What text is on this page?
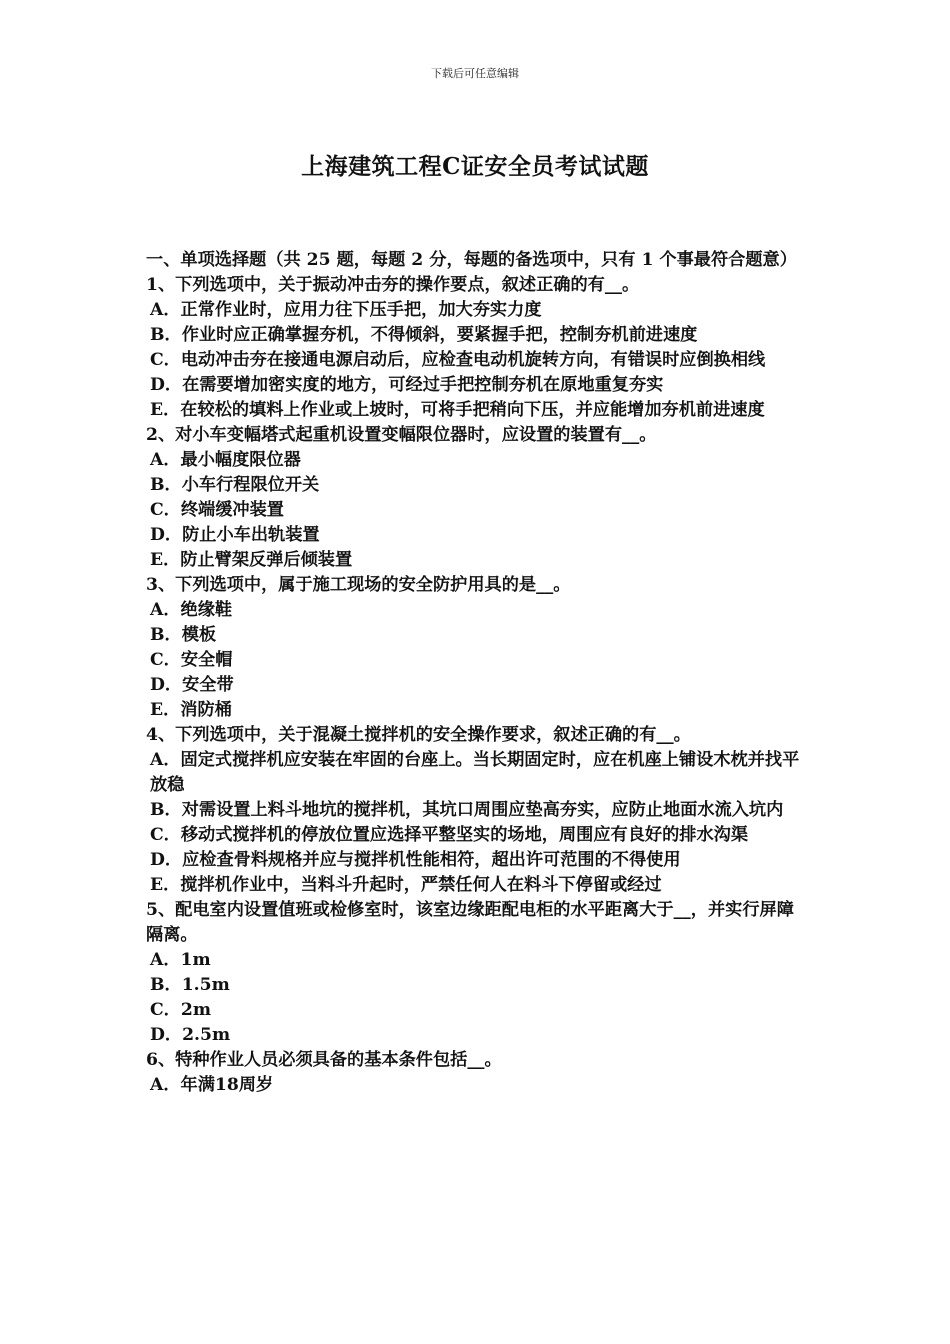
下载后可任意编辑
上海建筑工程C证安全员考试试题

一、单项选择题（共 25 题，每题 2 分，每题的备选项中，只有 1 个事最符合题意）

1、下列选项中，关于振动冲击夯的操作要点，叙述正确的有__。

A．正常作业时，应用力往下压手把，加大夯实力度

B．作业时应正确掌握夯机，不得倾斜，要紧握手把，控制夯机前进速度

C．电动冲击夯在接通电源启动后，应检查电动机旋转方向，有错误时应倒换相线

D．在需要增加密实度的地方，可经过手把控制夯机在原地重复夯实

E．在较松的填料上作业或上坡时，可将手把稍向下压，并应能增加夯机前进速度

2、对小车变幅塔式起重机设置变幅限位器时，应设置的装置有__。

A．最小幅度限位器

B．小车行程限位开关

C．终端缓冲装置

D．防止小车出轨装置

E．防止臂架反弹后倾装置

3、下列选项中，属于施工现场的安全防护用具的是__。

A．绝缘鞋

B．模板

C．安全帽

D．安全带

E．消防桶

4、下列选项中，关于混凝土搅拌机的安全操作要求，叙述正确的有__。

A．固定式搅拌机应安装在牢固的台座上。当长期固定时，应在机座上铺设木枕并找平放稳

B．对需设置上料斗地坑的搅拌机，其坑口周围应垫高夯实，应防止地面水流入坑内

C．移动式搅拌机的停放位置应选择平整坚实的场地，周围应有良好的排水沟渠

D．应检查骨料规格并应与搅拌机性能相符，超出许可范围的不得使用

E．搅拌机作业中，当料斗升起时，严禁任何人在料斗下停留或经过

5、配电室内设置值班或检修室时，该室边缘距配电柜的水平距离大于__，并实行屏障隔离。

A．1m

B．1.5m

C．2m

D．2.5m

6、特种作业人员必须具备的基本条件包括__。

A．年满18周岁
